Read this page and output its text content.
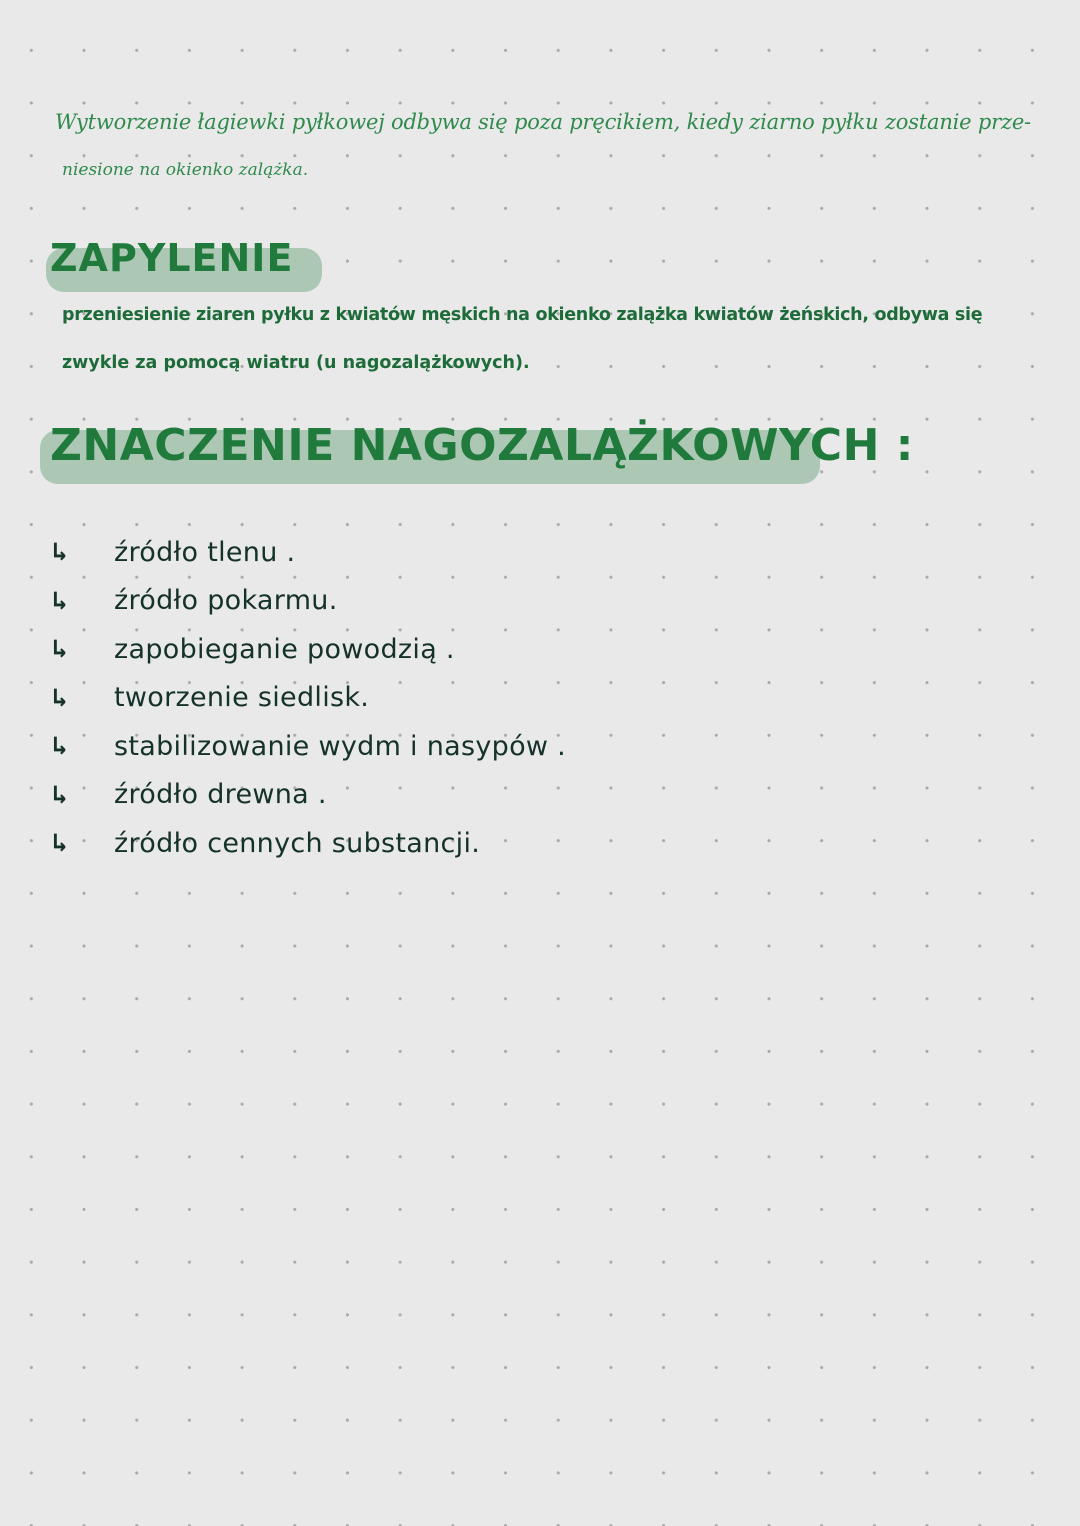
Wytworzenie łagiewki pyłkowej odbywa się poza pręcikiem, kiedy ziarno pyłku zostanie prze-
niesione na okienko zalążka.
ZAPYLENIE
przeniesienie ziaren pyłku z kwiatów męskich na okienko zalążka kwiatów żeńskich, odbywa się
zwykle za pomocą wiatru (u nagozalążkowych).
ZNACZENIE NAGOZALĄŻKOWYCH :
↳	źródło tlenu .
↳	źródło pokarmu.
↳	zapobieganie powodzią .
↳	tworzenie siedlisk.
↳	stabilizowanie wydm i nasypów .
↳	źródło drewna .
↳	źródło cennych substancji.
